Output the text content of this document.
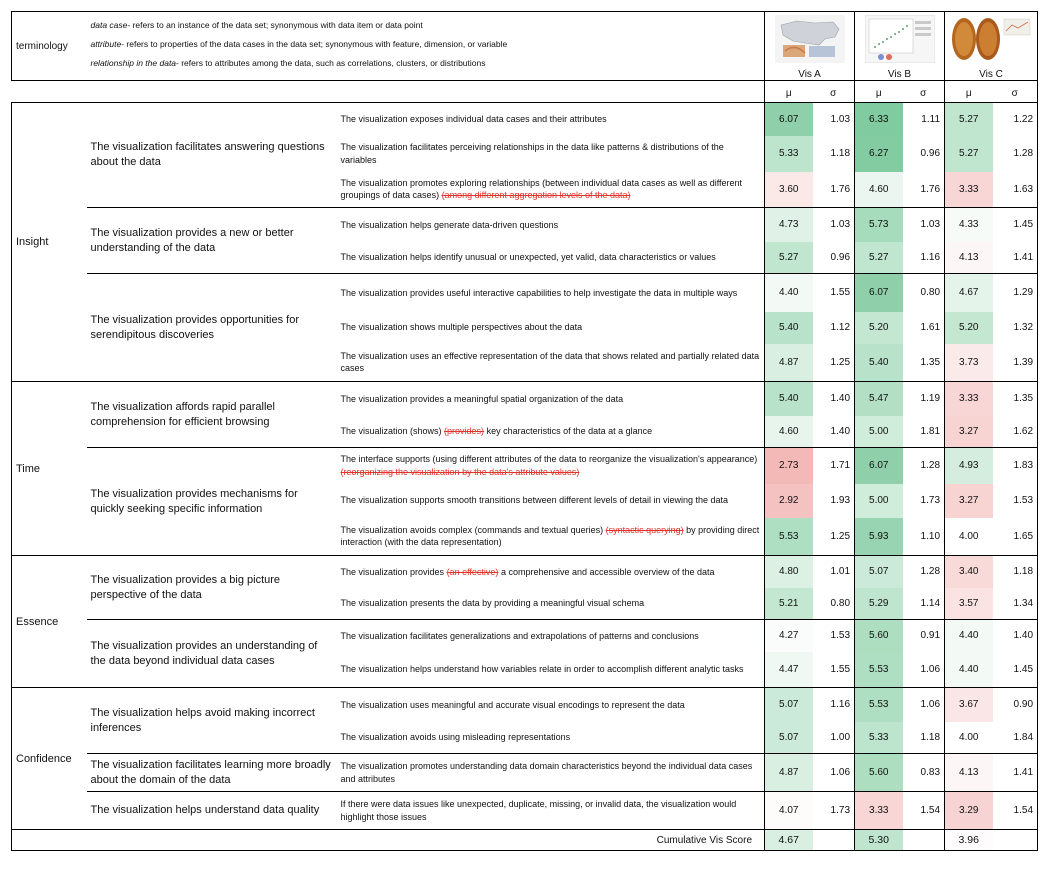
terminology	data case- refers to an instance of the data set; synonymous with data item or data point
attribute- refers to properties of the data cases in the data set; synonymous with feature, dimension, or variable
relationship in the data- refers to attributes among the data, such as correlations, clusters, or distributions		Vis A		Vis B		Vis C	

			μ	σ	μ	σ	μ	σ
Insight	The visualization facilitates answering questions about the data	The visualization exposes individual data cases and their attributes	6.07	1.03	6.33	1.11	5.27	1.22
		The visualization facilitates perceiving relationships in the data like patterns & distributions of the variables	5.33	1.18	6.27	0.96	5.27	1.28
		The visualization promotes exploring relationships (between individual data cases as well as different groupings of data cases) (among different aggregation levels of the data)	3.60	1.76	4.60	1.76	3.33	1.63
	The visualization provides a new or better understanding of the data	The visualization helps generate data-driven questions	4.73	1.03	5.73	1.03	4.33	1.45
		The visualization helps identify unusual or unexpected, yet valid, data characteristics or values	5.27	0.96	5.27	1.16	4.13	1.41
	The visualization provides opportunities for serendipitous discoveries	The visualization provides useful interactive capabilities to help investigate the data in multiple ways	4.40	1.55	6.07	0.80	4.67	1.29
		The visualization shows multiple perspectives about the data	5.40	1.12	5.20	1.61	5.20	1.32
		The visualization uses an effective representation of the data that shows related and partially related data cases	4.87	1.25	5.40	1.35	3.73	1.39
Time	The visualization affords rapid parallel comprehension for efficient browsing	The visualization provides a meaningful spatial organization of the data	5.40	1.40	5.47	1.19	3.33	1.35
		The visualization (shows) (provides) key characteristics of the data at a glance	4.60	1.40	5.00	1.81	3.27	1.62
	The visualization provides mechanisms for quickly seeking specific information	The interface supports (using different attributes of the data to reorganize the visualization's appearance) (reorganizing the visualization by the data's attribute values)	2.73	1.71	6.07	1.28	4.93	1.83
		The visualization supports smooth transitions between different levels of detail in viewing the data	2.92	1.93	5.00	1.73	3.27	1.53
		The visualization avoids complex (commands and textual queries) (syntactic querying) by providing direct interaction (with the data representation)	5.53	1.25	5.93	1.10	4.00	1.65
Essence	The visualization provides a big picture perspective of the data	The visualization provides (an effective) a comprehensive and accessible overview of the data	4.80	1.01	5.07	1.28	3.40	1.18
		The visualization presents the data by providing a meaningful visual schema	5.21	0.80	5.29	1.14	3.57	1.34
	The visualization provides an understanding of the data beyond individual data cases	The visualization facilitates generalizations and extrapolations of patterns and conclusions	4.27	1.53	5.60	0.91	4.40	1.40
		The visualization helps understand how variables relate in order to accomplish different analytic tasks	4.47	1.55	5.53	1.06	4.40	1.45
Confidence	The visualization helps avoid making incorrect inferences	The visualization uses meaningful and accurate visual encodings to represent the data	5.07	1.16	5.53	1.06	3.67	0.90
		The visualization avoids using misleading representations	5.07	1.00	5.33	1.18	4.00	1.84
	The visualization facilitates learning more broadly about the domain of the data	The visualization promotes understanding data domain characteristics beyond the individual data cases and attributes	4.87	1.06	5.60	0.83	4.13	1.41
	The visualization helps understand data quality	If there were data issues like unexpected, duplicate, missing, or invalid data, the visualization would highlight those issues	4.07	1.73	3.33	1.54	3.29	1.54
Cumulative Vis Score			4.67		5.30		3.96	
